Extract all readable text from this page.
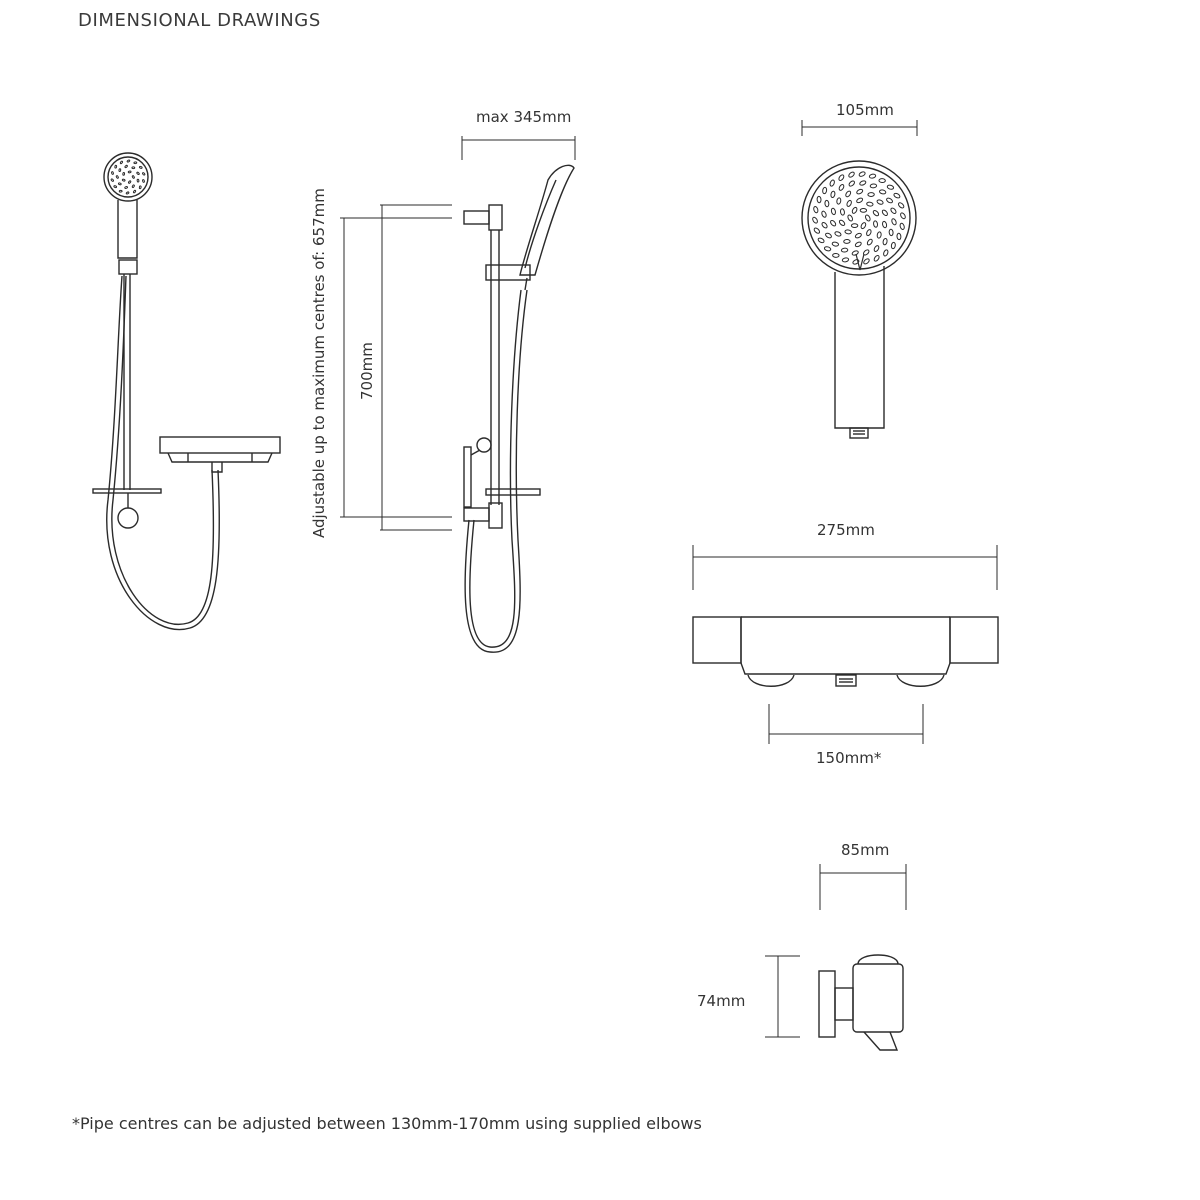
DIMENSIONAL DRAWINGS
max 345mm	105mm
700mm
Adjustable up to maximum centres of: 657mm	275mm
150mm*
85mm
74mm
*Pipe centres can be adjusted between 130mm-170mm using supplied elbows
